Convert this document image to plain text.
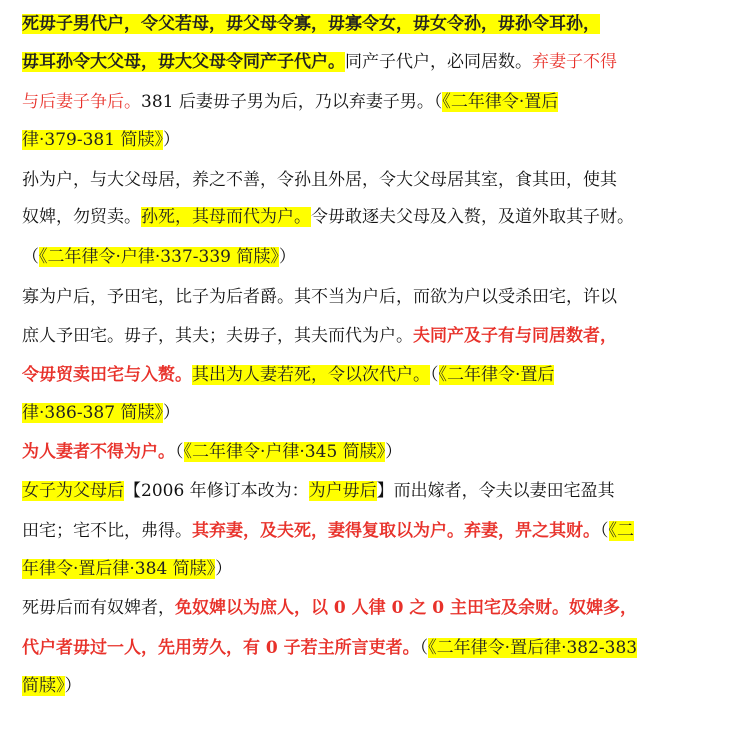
死毋子男代户，令父若母，毋父母令寡，毋寡令女，毋女令孙，毋孙令耳孙，
毋耳孙令大父母，毋大父母令同产子代户。同产子代户，必同居数。弃妻子不得
与后妻子争后。381 后妻毋子男为后，乃以弃妻子男。（《二年律令·置后
律·379-381 简牍》）
孙为户，与大父母居，养之不善，令孙且外居，令大父母居其室，食其田，使其
奴婢，勿贸卖。孙死，其母而代为户。令毋敢逐夫父母及入赘，及道外取其子财。
（《二年律令·户律·337-339 简牍》）
寡为户后，予田宅，比子为后者爵。其不当为户后，而欲为户以受杀田宅，许以
庶人予田宅。毋子，其夫；夫毋子，其夫而代为户。夫同产及子有与同居数者，
令毋贸卖田宅与入赘。其出为人妻若死，令以次代户。（《二年律令·置后
律·386-387 简牍》）
为人妻者不得为户。（《二年律令·户律·345 简牍》）
女子为父母后【2006 年修订本改为：为户毋后】而出嫁者，令夫以妻田宅盈其
田宅；宅不比，弗得。其弃妻，及夫死，妻得复取以为户。弃妻，畀之其财。（《二
年律令·置后律·384 简牍》）
死毋后而有奴婢者，免奴婢以为庶人，以 0 人律 0 之 0 主田宅及余财。奴婢多，
代户者毋过一人，先用劳久，有 0 子若主所言吏者。（《二年律令·置后律·382-383
简牍》）
